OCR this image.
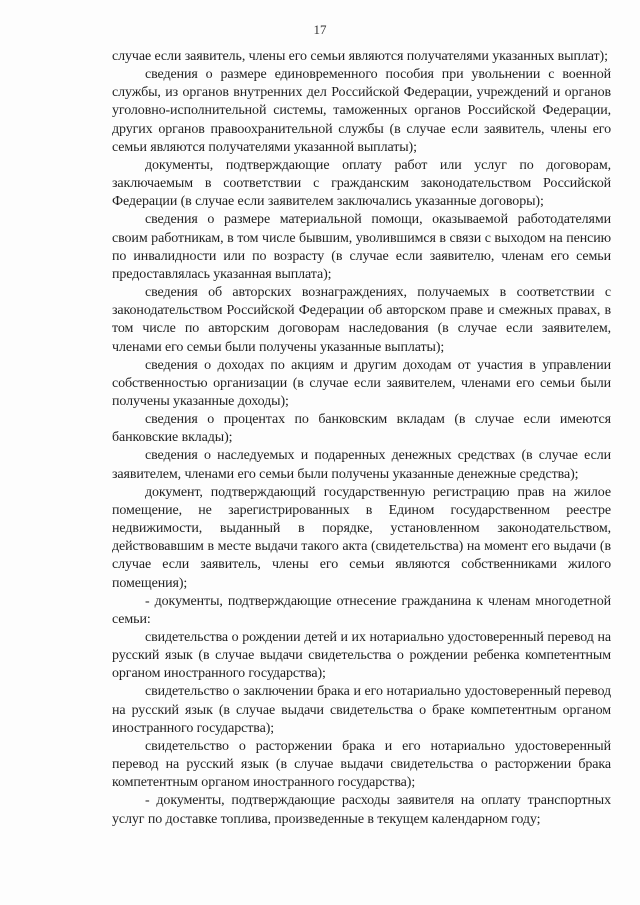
17

случае если заявитель, члены его семьи являются получателями указанных выплат);

сведения о размере единовременного пособия при увольнении с военной службы, из органов внутренних дел Российской Федерации, учреждений и органов уголовно-исполнительной системы, таможенных органов Российской Федерации, других органов правоохранительной службы (в случае если заявитель, члены его семьи являются получателями указанной выплаты);

документы, подтверждающие оплату работ или услуг по договорам, заключаемым в соответствии с гражданским законодательством Российской Федерации (в случае если заявителем заключались указанные договоры);

сведения о размере материальной помощи, оказываемой работодателями своим работникам, в том числе бывшим, уволившимся в связи с выходом на пенсию по инвалидности или по возрасту (в случае если заявителю, членам его семьи предоставлялась указанная выплата);

сведения об авторских вознаграждениях, получаемых в соответствии с законодательством Российской Федерации об авторском праве и смежных правах, в том числе по авторским договорам наследования (в случае если заявителем, членами его семьи были получены указанные выплаты);

сведения о доходах по акциям и другим доходам от участия в управлении собственностью организации (в случае если заявителем, членами его семьи были получены указанные доходы);

сведения о процентах по банковским вкладам (в случае если имеются банковские вклады);

сведения о наследуемых и подаренных денежных средствах (в случае если заявителем, членами его семьи были получены указанные денежные средства);

документ, подтверждающий государственную регистрацию прав на жилое помещение, не зарегистрированных в Едином государственном реестре недвижимости, выданный в порядке, установленном законодательством, действовавшим в месте выдачи такого акта (свидетельства) на момент его выдачи (в случае если заявитель, члены его семьи являются собственниками жилого помещения);

- документы, подтверждающие отнесение гражданина к членам многодетной семьи:

свидетельства о рождении детей и их нотариально удостоверенный перевод на русский язык (в случае выдачи свидетельства о рождении ребенка компетентным органом иностранного государства);

свидетельство о заключении брака и его нотариально удостоверенный перевод на русский язык (в случае выдачи свидетельства о браке компетентным органом иностранного государства);

свидетельство о расторжении брака и его нотариально удостоверенный перевод на русский язык (в случае выдачи свидетельства о расторжении брака компетентным органом иностранного государства);

- документы, подтверждающие расходы заявителя на оплату транспортных услуг по доставке топлива, произведенные в текущем календарном году;
